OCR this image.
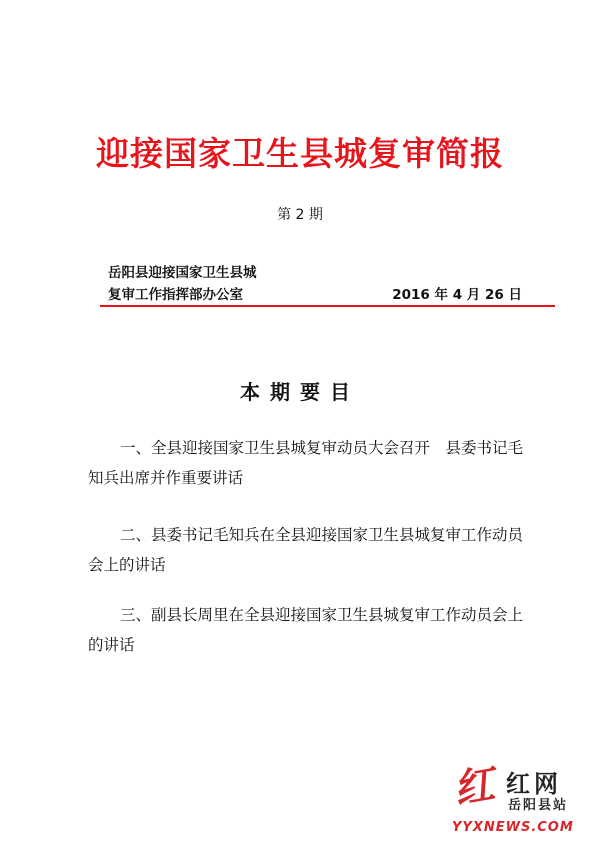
迎接国家卫生县城复审简报
第 2 期
岳阳县迎接国家卫生县城
复审工作指挥部办公室	2016 年 4 月 26 日
本期要目
一、全县迎接国家卫生县城复审动员大会召开　县委书记毛知兵出席并作重要讲话
二、县委书记毛知兵在全县迎接国家卫生县城复审工作动员会上的讲话
三、副县长周里在全县迎接国家卫生县城复审工作动员会上的讲话
红 红网
岳阳县站
YYXNEWS.COM
